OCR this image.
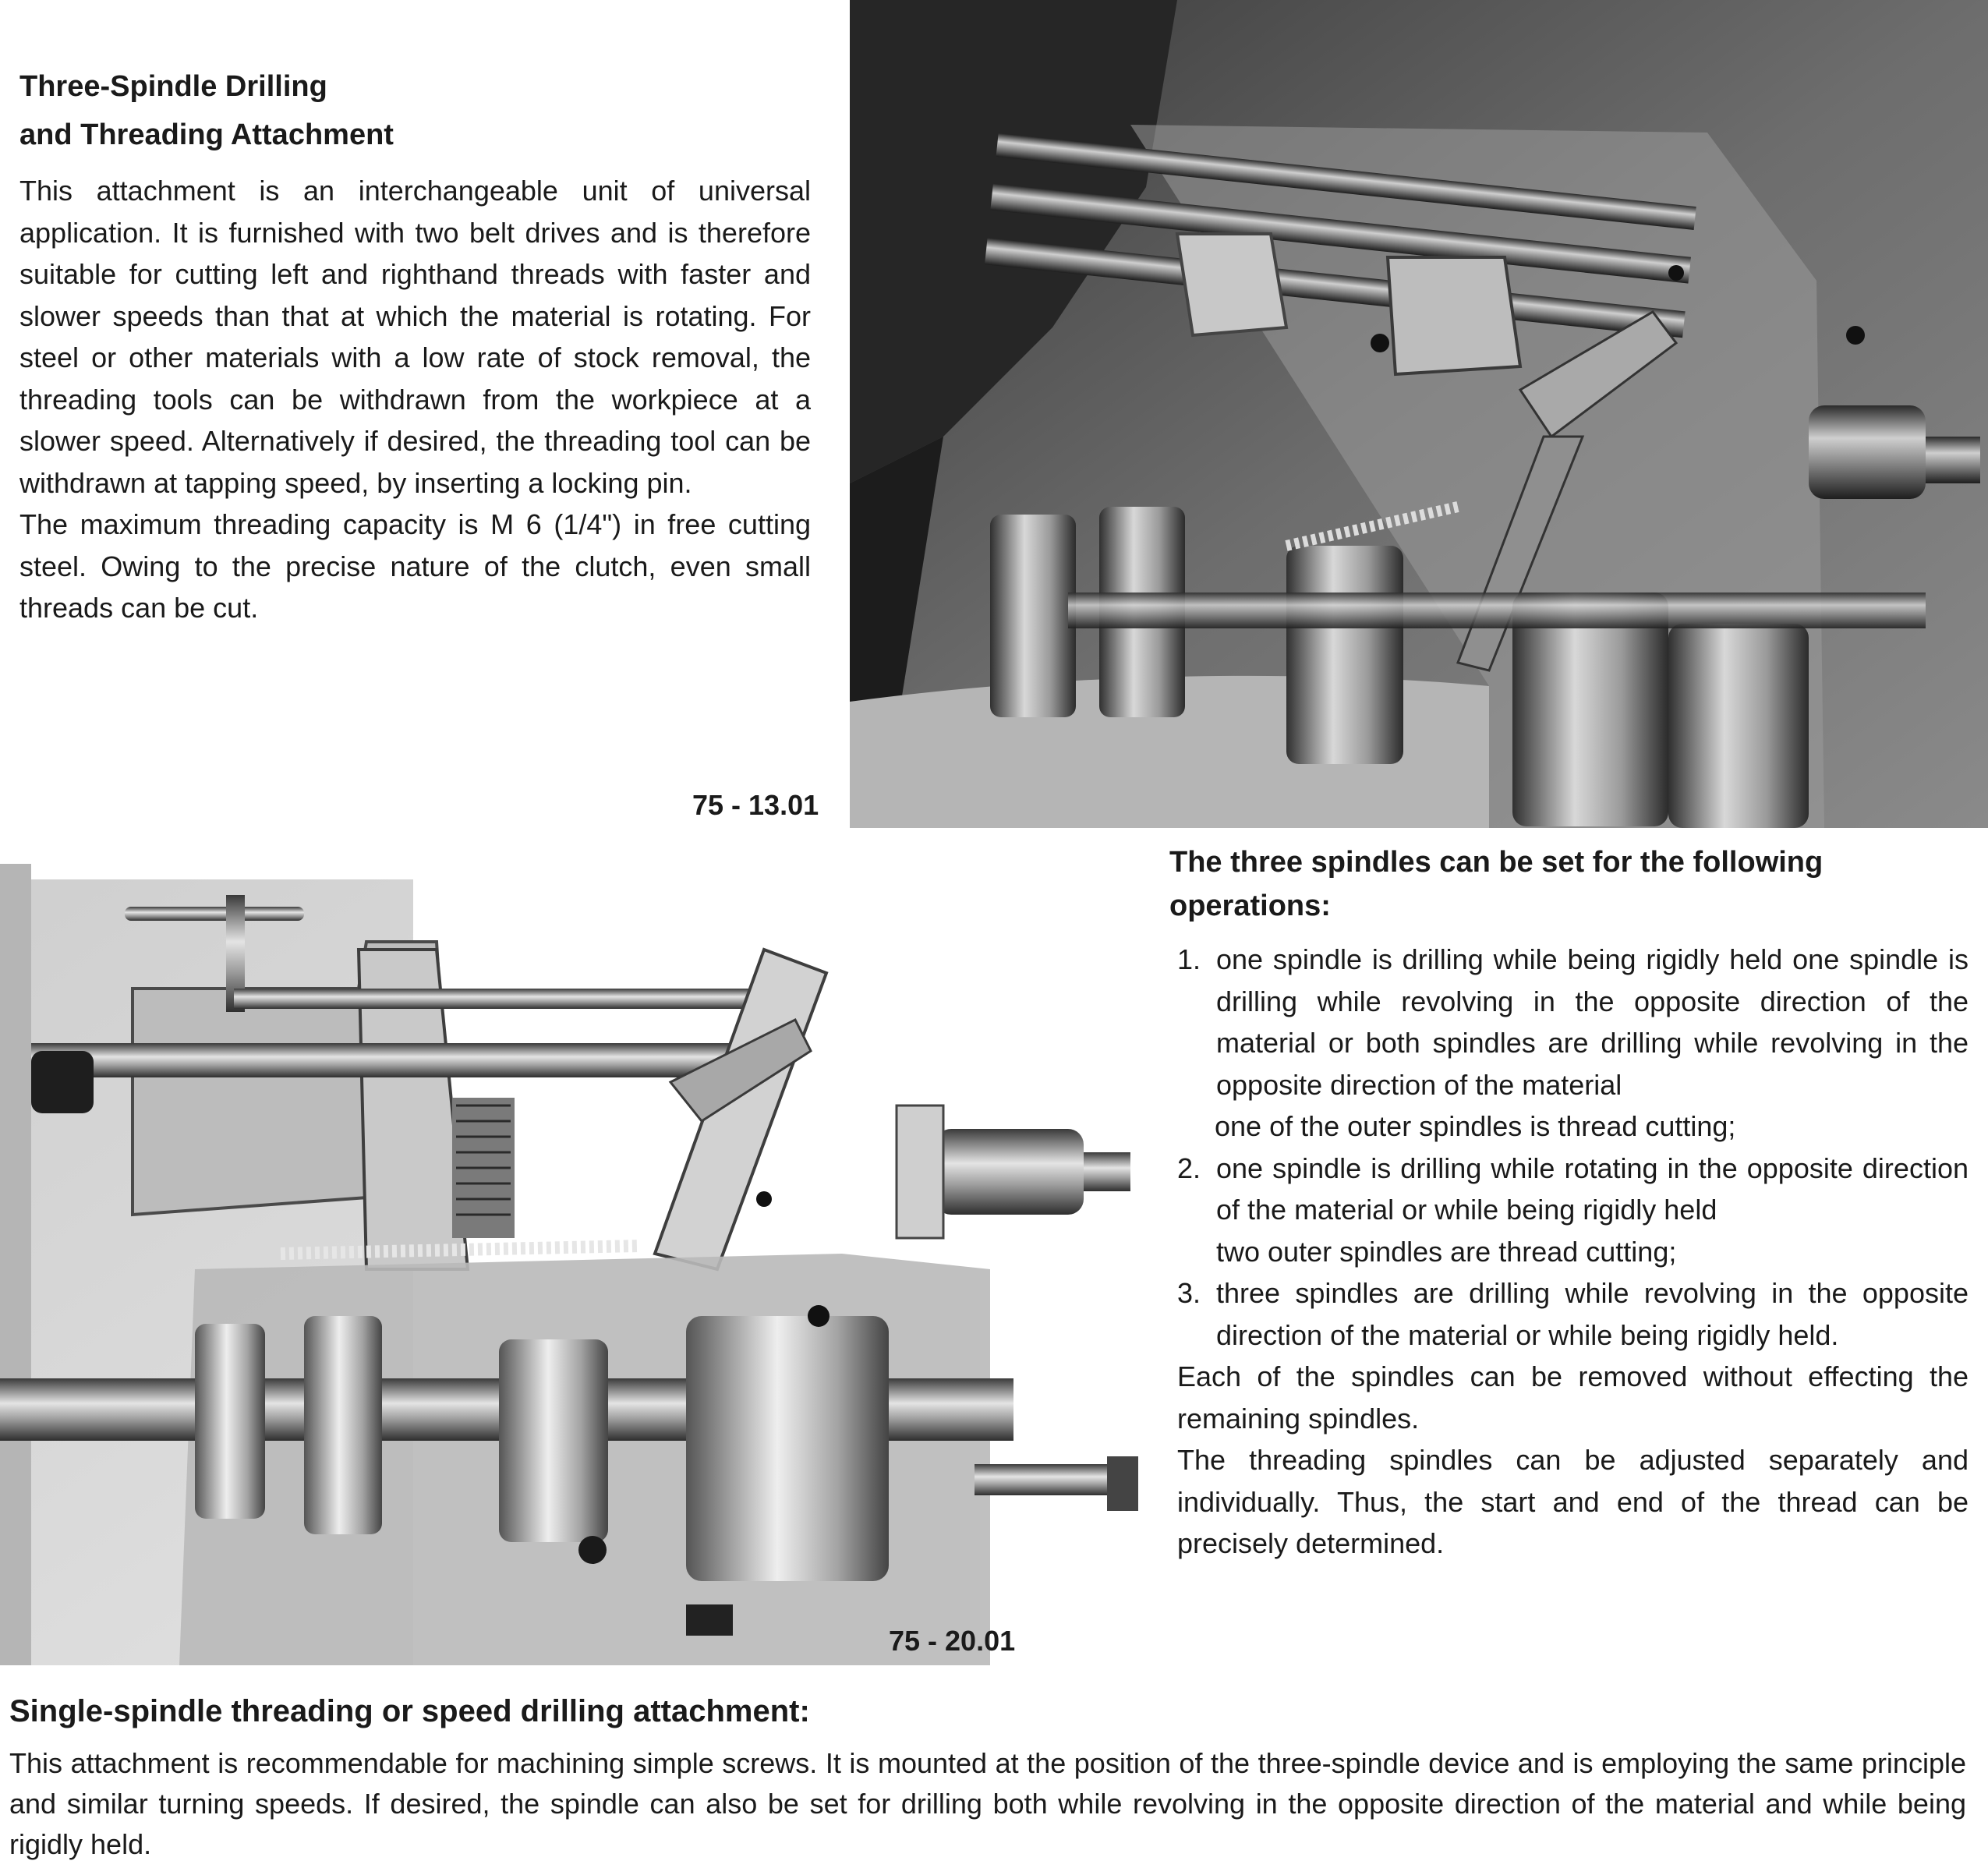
Three-Spindle Drilling
and Threading Attachment

This attachment is an interchangeable unit of universal application. It is furnished with two belt drives and is therefore suitable for cutting left and righthand threads with faster and slower speeds than that at which the material is rotating. For steel or other materials with a low rate of stock removal, the threading tools can be withdrawn from the workpiece at a slower speed. Alternatively if desired, the threading tool can be withdrawn at tapping speed, by inserting a locking pin.

The maximum threading capacity is M 6 (1/4") in free cutting steel. Owing to the precise nature of the clutch, even small threads can be cut.

75 - 13.01
75 - 20.01
The three spindles can be set for the following operations:
1. one spindle is drilling while being rigidly held one spindle is drilling while revolving in the opposite direction of the material or both spindles are drilling while revolving in the opposite direction of the material
one of the outer spindles is thread cutting;
2. one spindle is drilling while rotating in the opposite direction of the material or while being rigidly held
two outer spindles are thread cutting;
3. three spindles are drilling while revolving in the opposite direction of the material or while being rigidly held.

Each of the spindles can be removed without effecting the remaining spindles.

The threading spindles can be adjusted separately and individually. Thus, the start and end of the thread can be precisely determined.

Single-spindle threading or speed drilling attachment:

This attachment is recommendable for machining simple screws. It is mounted at the position of the three-spindle device and is employing the same principle and similar turning speeds. If desired, the spindle can also be set for drilling both while revolving in the opposite direction of the material and while being rigidly held.
